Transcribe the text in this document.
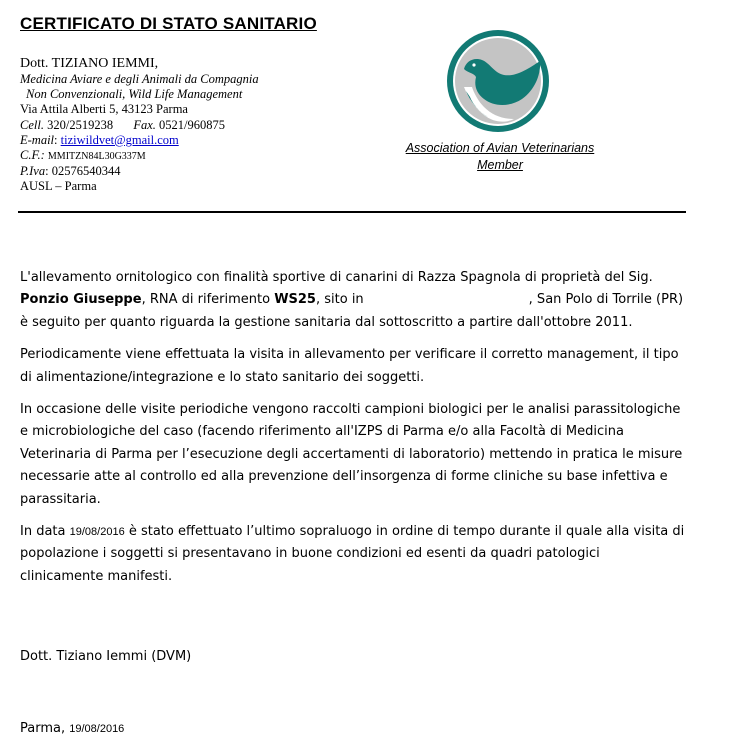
CERTIFICATO DI STATO SANITARIO
Dott. TIZIANO IEMMI,
Medicina Aviare e degli Animali da Compagnia
Non Convenzionali, Wild Life Management
Via Attila Alberti 5, 43123 Parma
Cell. 320/2519238 Fax. 0521/960875
E-mail: tiziwildvet@gmail.com
C.F.: MMITZN84L30G337M
P.Iva: 02576540344
AUSL – Parma
Association of Avian Veterinarians
Member

L'allevamento ornitologico con finalità sportive di canarini di Razza Spagnola di proprietà del Sig. Ponzio Giuseppe, RNA di riferimento WS25, sito in	, San Polo di Torrile (PR) è seguito per quanto riguarda la gestione sanitaria dal sottoscritto a partire dall'ottobre 2011.

Periodicamente viene effettuata la visita in allevamento per verificare il corretto management, il tipo di alimentazione/integrazione e lo stato sanitario dei soggetti.

In occasione delle visite periodiche vengono raccolti campioni biologici per le analisi parassitologiche e microbiologiche del caso (facendo riferimento all'IZPS di Parma e/o alla Facoltà di Medicina Veterinaria di Parma per l’esecuzione degli accertamenti di laboratorio) mettendo in pratica le misure necessarie atte al controllo ed alla prevenzione dell’insorgenza di forme cliniche su base infettiva e parassitaria.

In data 19/08/2016 è stato effettuato l’ultimo sopraluogo in ordine di tempo durante il quale alla visita di popolazione i soggetti si presentavano in buone condizioni ed esenti da quadri patologici clinicamente manifesti.

Dott. Tiziano Iemmi (DVM)
Parma, 19/08/2016
